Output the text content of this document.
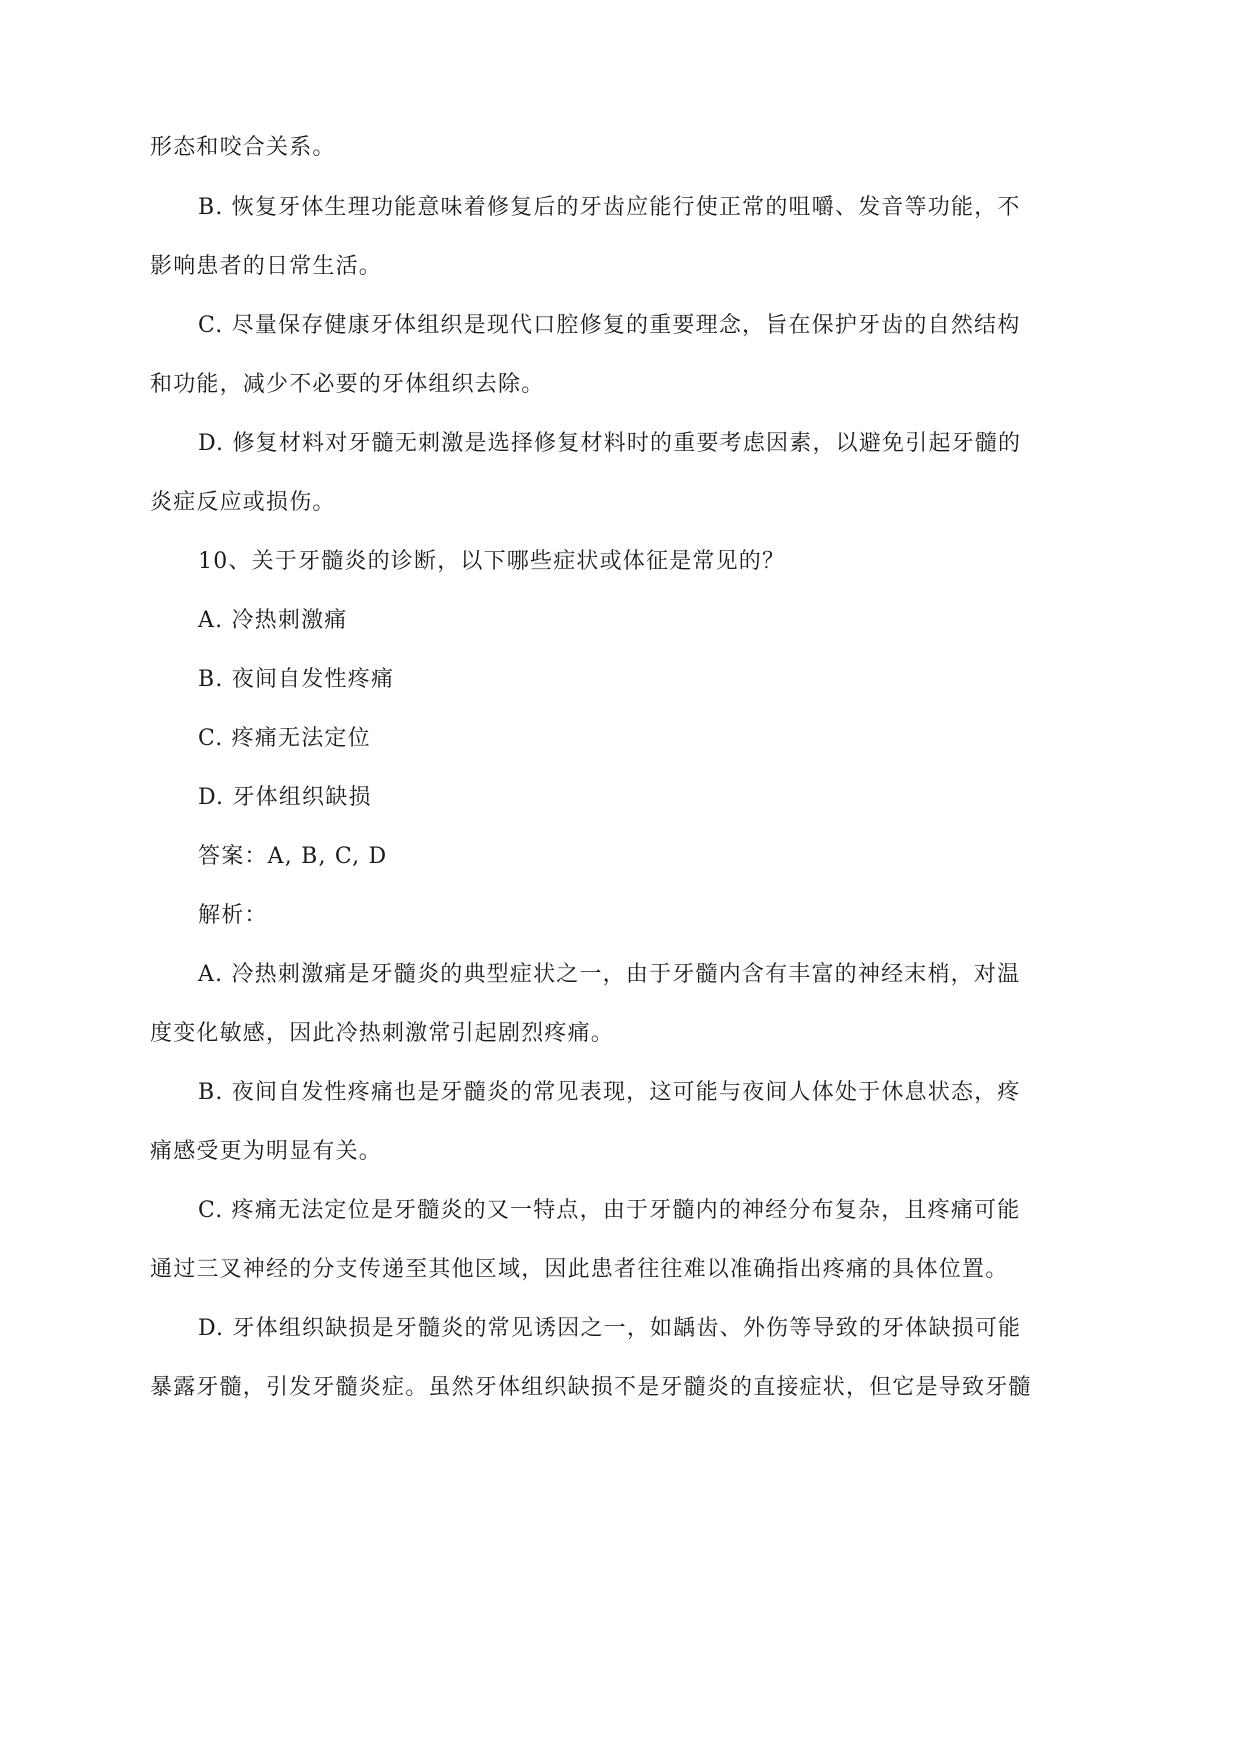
形态和咬合关系。
B. 恢复牙体生理功能意味着修复后的牙齿应能行使正常的咀嚼、发音等功能，不
影响患者的日常生活。
C. 尽量保存健康牙体组织是现代口腔修复的重要理念，旨在保护牙齿的自然结构
和功能，减少不必要的牙体组织去除。
D. 修复材料对牙髓无刺激是选择修复材料时的重要考虑因素，以避免引起牙髓的
炎症反应或损伤。
10、关于牙髓炎的诊断，以下哪些症状或体征是常见的？
A. 冷热刺激痛
B. 夜间自发性疼痛
C. 疼痛无法定位
D. 牙体组织缺损
答案：A, B, C, D
解析：
A. 冷热刺激痛是牙髓炎的典型症状之一，由于牙髓内含有丰富的神经末梢，对温
度变化敏感，因此冷热刺激常引起剧烈疼痛。
B. 夜间自发性疼痛也是牙髓炎的常见表现，这可能与夜间人体处于休息状态，疼
痛感受更为明显有关。
C. 疼痛无法定位是牙髓炎的又一特点，由于牙髓内的神经分布复杂，且疼痛可能
通过三叉神经的分支传递至其他区域，因此患者往往难以准确指出疼痛的具体位置。
D. 牙体组织缺损是牙髓炎的常见诱因之一，如龋齿、外伤等导致的牙体缺损可能
暴露牙髓，引发牙髓炎症。虽然牙体组织缺损不是牙髓炎的直接症状，但它是导致牙髓
